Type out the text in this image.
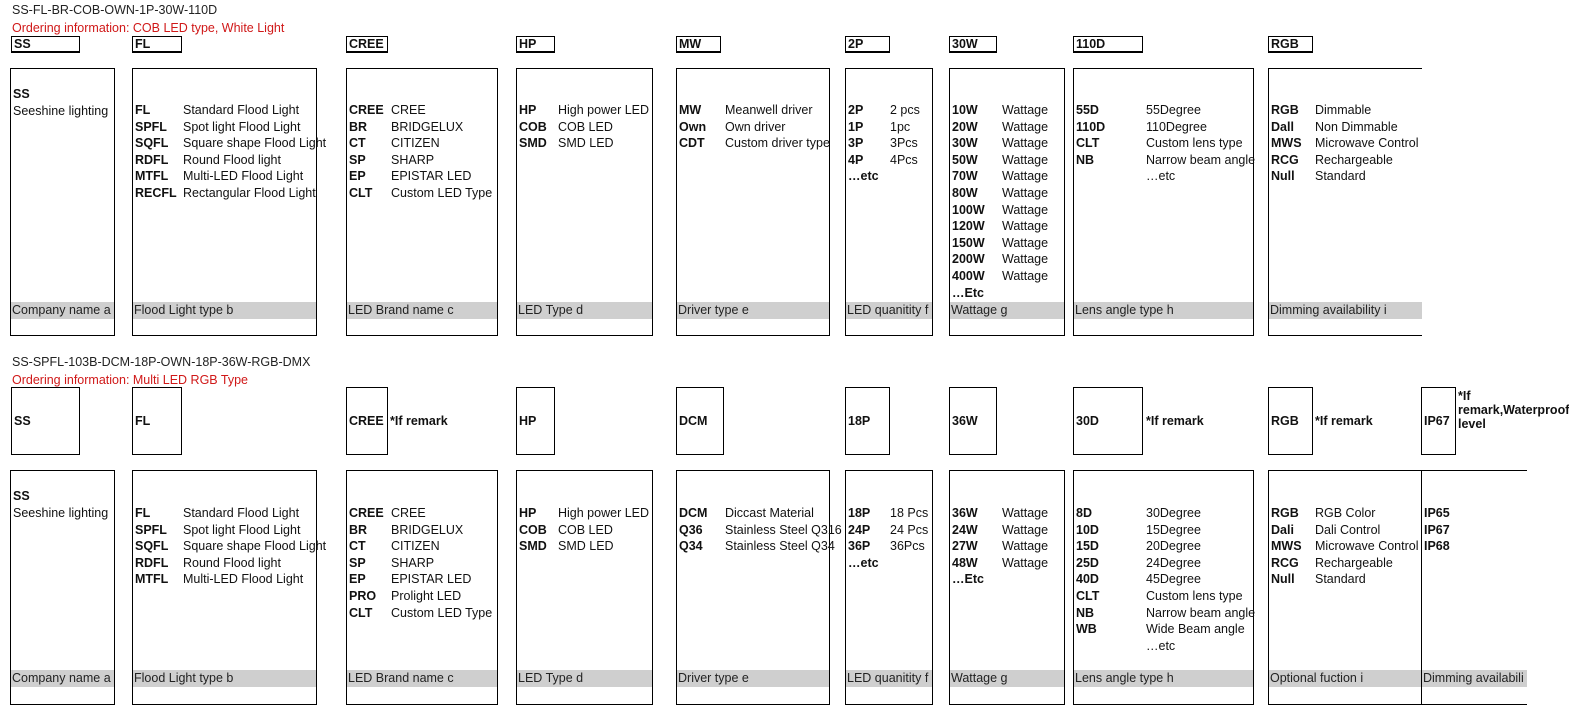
SS-FL-BR-COB-OWN-1P-30W-110D
Ordering information: COB LED type, White Light
SS	FL	CREE	HP	MW	2P	30W	110D	RGB
SS
Seeshine lighting
Company name a
FL	Standard Flood Light
SPFL	Spot light Flood Light
SQFL	Square shape Flood Light
RDFL	Round Flood light
MTFL	Multi-LED Flood Light
RECFL Rectangular Flood Light
Flood Light type b
CREE CREE
BR	BRIDGELUX
CT	CITIZEN
SP	SHARP
EP	EPISTAR LED
CLT	Custom LED Type
LED Brand name c
HP	High power LED
COB COB LED
SMD SMD LED
LED Type d
MW	Meanwell driver
Own	Own driver
CDT	Custom driver type
Driver type e
2P	2 pcs
1P	1pc
3P	3Pcs
4P	4Pcs
…etc
LED quanitity f
10W	Wattage
20W	Wattage
30W	Wattage
50W	Wattage
70W	Wattage
80W	Wattage
100W	Wattage
120W	Wattage
150W	Wattage
200W	Wattage
400W	Wattage
…Etc
Wattage g
55D	55Degree
110D	110Degree
CLT	Custom lens type
NB	Narrow beam angle
…etc
Lens angle type h
RGB	Dimmable
Dall	Non Dimmable
MWS	Microwave Control
RCG	Rechargeable
Null	Standard
Dimming availability i
SS-SPFL-103B-DCM-18P-OWN-18P-36W-RGB-DMX
Ordering information: Multi LED RGB Type
SS	FL	CREE *If remark	HP	DCM	18P	36W	30D	*If remark	RGB	*If remark	IP67
*If remark,Waterproof level
SS
Seeshine lighting
Company name a
FL	Standard Flood Light
SPFL	Spot light Flood Light
SQFL	Square shape Flood Light
RDFL	Round Flood light
MTFL	Multi-LED Flood Light
Flood Light type b
CREE CREE
BR	BRIDGELUX
CT	CITIZEN
SP	SHARP
EP	EPISTAR LED
PRO	Prolight LED
CLT	Custom LED Type
LED Brand name c
HP	High power LED
COB COB LED
SMD SMD LED
LED Type d
DCM	Diccast Material
Q36	Stainless Steel Q316
Q34	Stainless Steel Q34
Driver type e
18P	18 Pcs
24P	24 Pcs
36P	36Pcs
…etc
LED quanitity f
36W	Wattage
24W	Wattage
27W	Wattage
48W	Wattage
…Etc
Wattage g
8D	30Degree
10D	15Degree
15D	20Degree
25D	24Degree
40D	45Degree
CLT	Custom lens type
NB	Narrow beam angle
WB	Wide Beam angle
…etc
Lens angle type h
RGB	RGB Color
Dali	Dali Control
MWS	Microwave Control
RCG	Rechargeable
Null	Standard
Optional fuction i
IP65
IP67
IP68
Dimming availabili
